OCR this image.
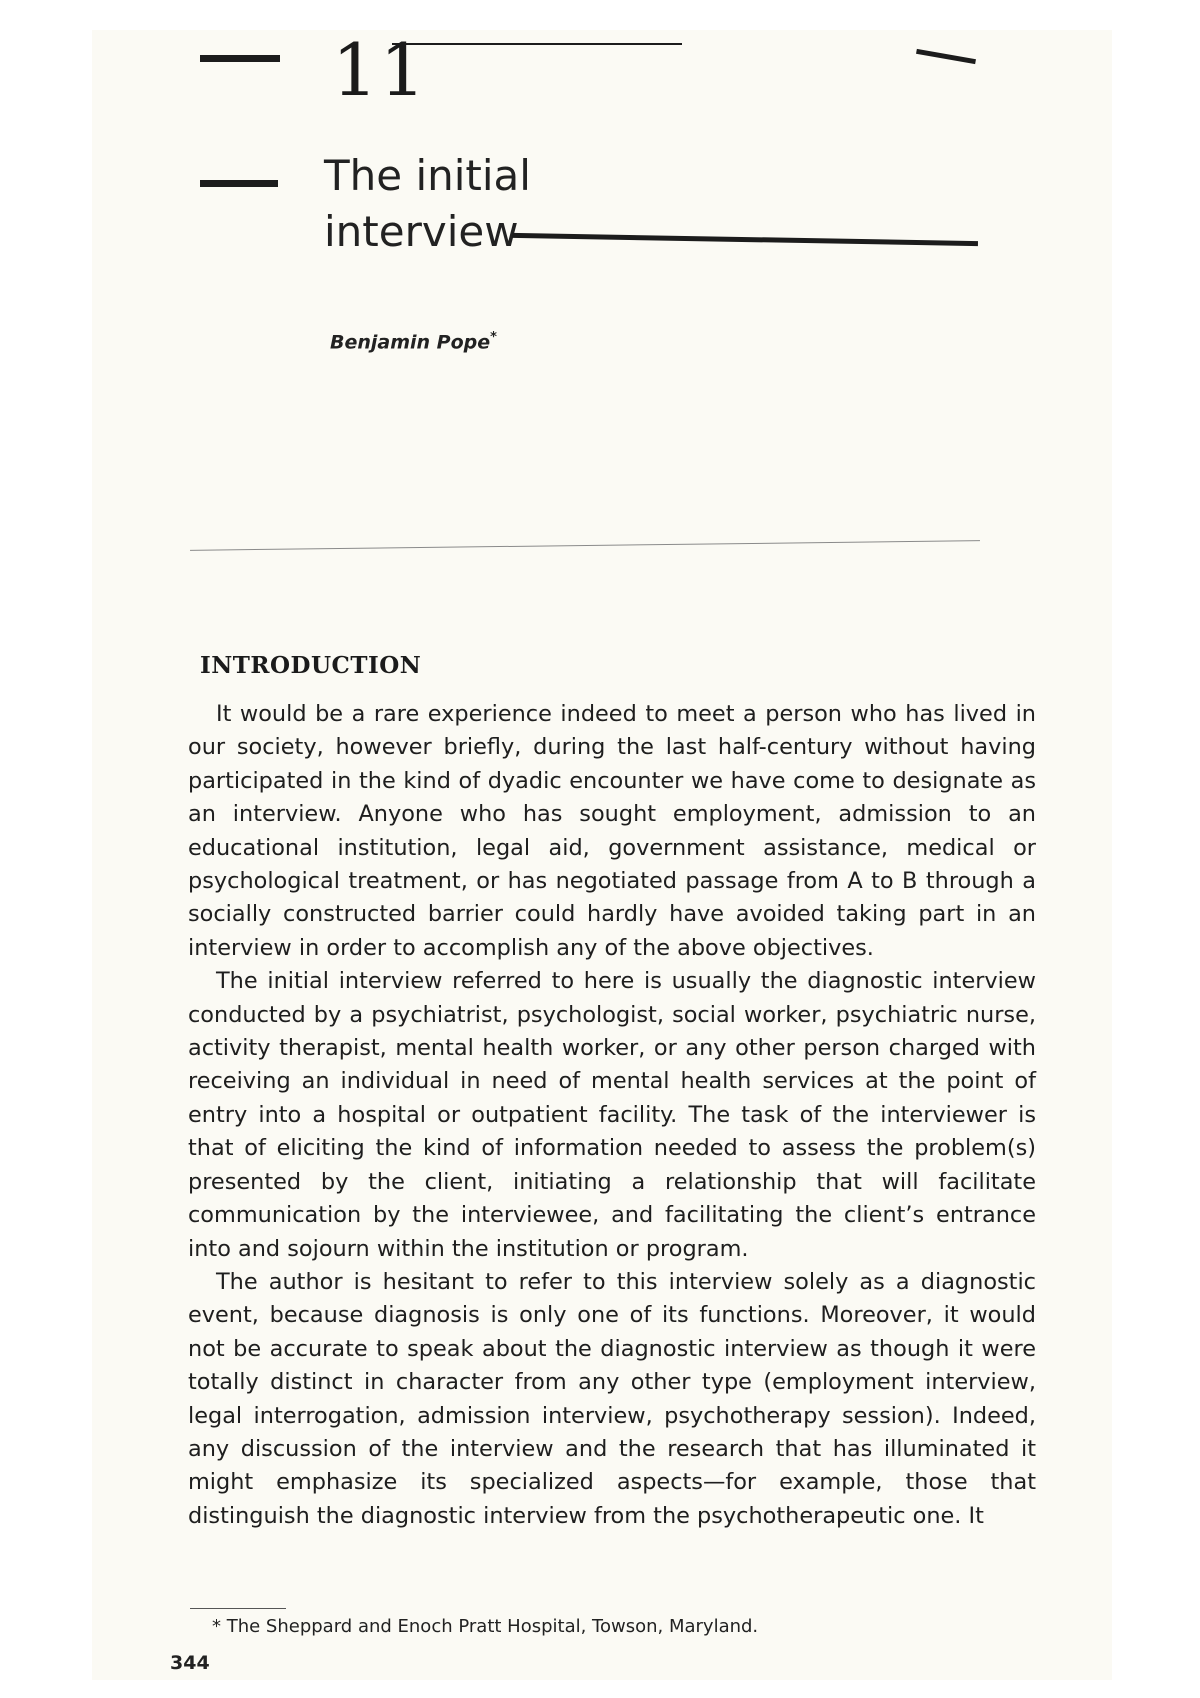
11
The initial
interview
Benjamin Pope*
INTRODUCTION

It would be a rare experience indeed to meet a person who has lived in our society, however briefly, during the last half-century without having participated in the kind of dyadic encounter we have come to designate as an interview. Anyone who has sought employment, admission to an educational institution, legal aid, government assistance, medical or psychological treatment, or has negotiated passage from A to B through a socially constructed barrier could hardly have avoided taking part in an interview in order to accomplish any of the above objectives.

The initial interview referred to here is usually the diagnostic interview conducted by a psychiatrist, psychologist, social worker, psychiatric nurse, activity therapist, mental health worker, or any other person charged with receiving an individual in need of mental health services at the point of entry into a hospital or outpatient facility. The task of the interviewer is that of eliciting the kind of information needed to assess the problem(s) presented by the client, initiating a relationship that will facilitate communication by the interviewee, and facilitating the client’s entrance into and sojourn within the institution or program.

The author is hesitant to refer to this interview solely as a diagnostic event, because diagnosis is only one of its functions. Moreover, it would not be accurate to speak about the diagnostic interview as though it were totally distinct in character from any other type (employment interview, legal interrogation, admission interview, psychotherapy session). Indeed, any discussion of the interview and the research that has illuminated it might emphasize its specialized aspects—for example, those that distinguish the diagnostic interview from the psychotherapeutic one. It

* The Sheppard and Enoch Pratt Hospital, Towson, Maryland.
344
